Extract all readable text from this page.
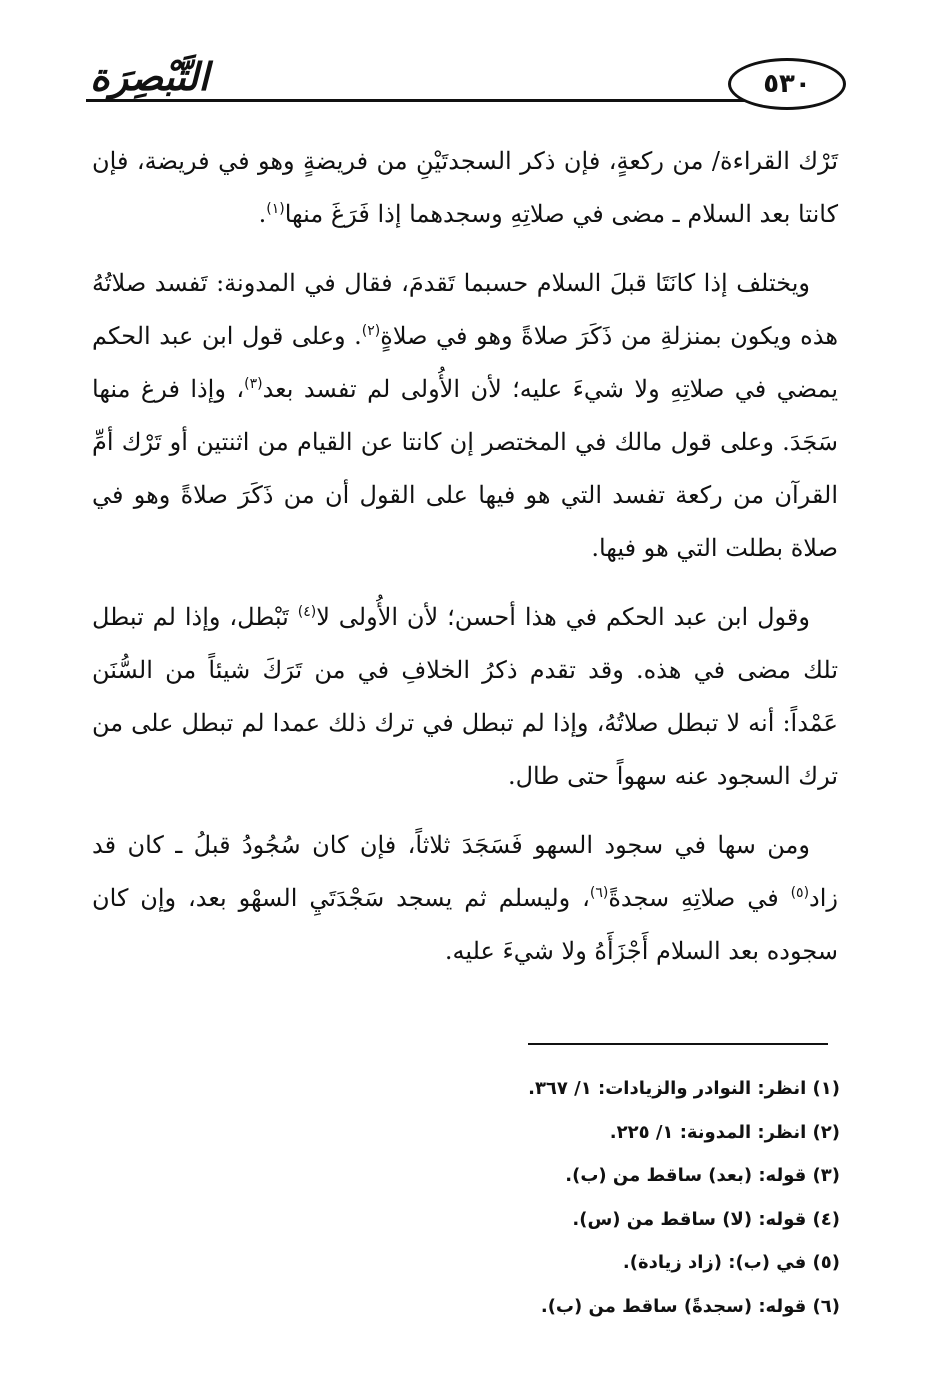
التَّبْصِرَة	٥٣٠

تَرْك القراءة/ من ركعةٍ، فإن ذكر السجدتَيْنِ من فريضةٍ وهو في فريضة، فإن كانتا بعد السلام ـ مضى في صلاتِهِ وسجدهما إذا فَرَغَ منها$^{(١)}$.

ويختلف إذا كانَتَا قبلَ السلام حسبما تَقدمَ، فقال في المدونة: تَفسد صلاتُهُ هذه ويكون بمنزلةِ من ذَكَرَ صلاةً وهو في صلاةٍ$^{(٢)}$. وعلى قول ابن عبد الحكم يمضي في صلاتِهِ ولا شيءَ عليه؛ لأن الأُولى لم تفسد بعد$^{(٣)}$، وإذا فرغ منها سَجَدَ. وعلى قول مالك في المختصر إن كانتا عن القيام من اثنتين أو تَرْك أمِّ القرآن من ركعة تفسد التي هو فيها على القول أن من ذَكَرَ صلاةً وهو في صلاة بطلت التي هو فيها.

وقول ابن عبد الحكم في هذا أحسن؛ لأن الأُولى لا$^{(٤)}$ تَبْطل، وإذا لم تبطل تلك مضى في هذه. وقد تقدم ذكرُ الخلافِ في من تَرَكَ شيئاً من السُّنَن عَمْداً: أنه لا تبطل صلاتُهُ، وإذا لم تبطل في ترك ذلك عمدا لم تبطل على من ترك السجود عنه سهواً حتى طال.

ومن سها في سجود السهو فَسَجَدَ ثلاثاً، فإن كان سُجُودُ قبلُ ـ كان قد زاد$^{(٥)}$ في صلاتِهِ سجدةً$^{(٦)}$، وليسلم ثم يسجد سَجْدَتَيِ السهْو بعد، وإن كان سجوده بعد السلام أَجْزَأَهُ ولا شيءَ عليه.

(١) انظر: النوادر والزيادات: ١/ ٣٦٧.
(٢) انظر: المدونة: ١/ ٢٢٥.
(٣) قوله: (بعد) ساقط من (ب).
(٤) قوله: (لا) ساقط من (س).
(٥) في (ب): (زاد زيادة).
(٦) قوله: (سجدةً) ساقط من (ب).
